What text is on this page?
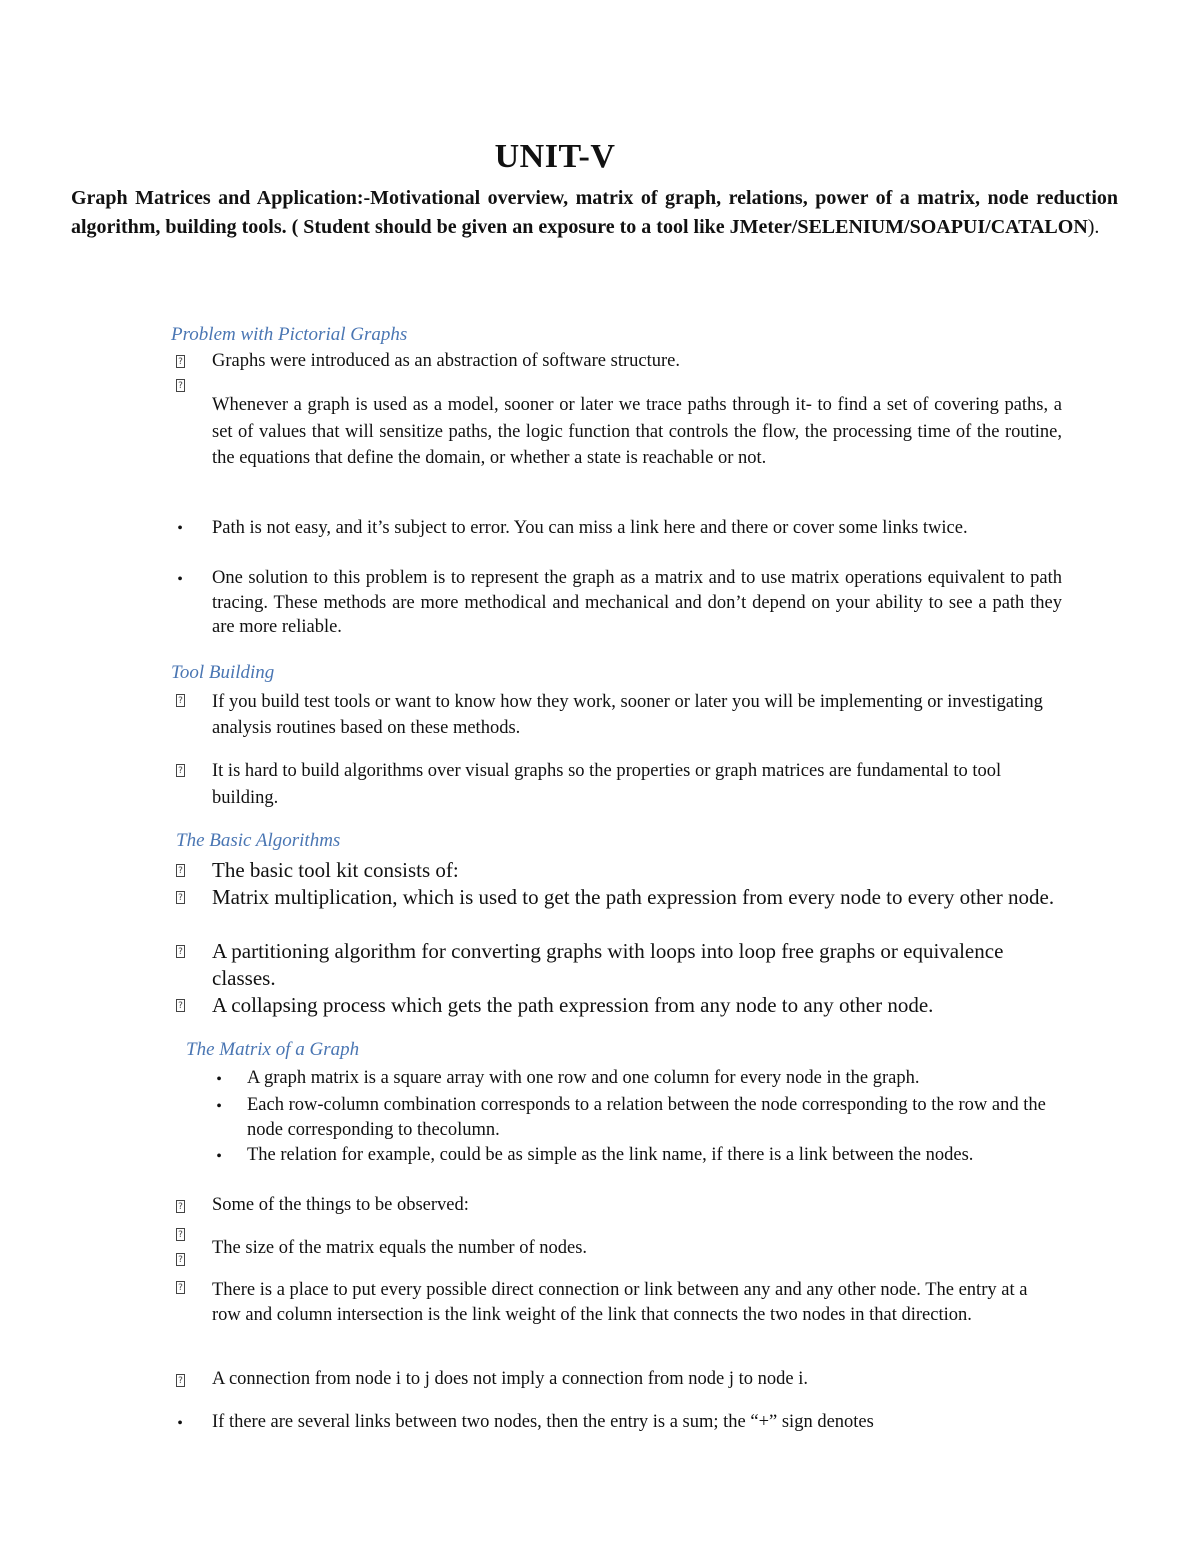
UNIT-V
Graph Matrices and Application:-Motivational overview, matrix of graph, relations, power of a matrix, node reduction algorithm, building tools. ( Student should be given an exposure to a tool like JMeter/SELENIUM/SOAPUI/CATALON).
Problem with Pictorial Graphs
? Graphs were introduced as an abstraction of software structure.
?
Whenever a graph is used as a model, sooner or later we trace paths through it- to find a set of covering paths, a set of values that will sensitize paths, the logic function that controls the flow, the processing time of the routine, the equations that define the domain, or whether a state is reachable or not.
• Path is not easy, and it’s subject to error. You can miss a link here and there or cover some links twice.
• One solution to this problem is to represent the graph as a matrix and to use matrix operations equivalent to path tracing. These methods are more methodical and mechanical and don’t depend on your ability to see a path they are more reliable.
Tool Building
? If you build test tools or want to know how they work, sooner or later you will be implementing or investigating analysis routines based on these methods.
? It is hard to build algorithms over visual graphs so the properties or graph matrices are fundamental to tool building.
The Basic Algorithms
? The basic tool kit consists of:
? Matrix multiplication, which is used to get the path expression from every node to every other node.
? A partitioning algorithm for converting graphs with loops into loop free graphs or equivalence classes.
? A collapsing process which gets the path expression from any node to any other node.
The Matrix of a Graph
• A graph matrix is a square array with one row and one column for every node in the graph.
• Each row-column combination corresponds to a relation between the node corresponding to the row and the node corresponding to thecolumn.
• The relation for example, could be as simple as the link name, if there is a link between the nodes.
? Some of the things to be observed:
?
?
The size of the matrix equals the number of nodes.
? There is a place to put every possible direct connection or link between any and any other node. The entry at a row and column intersection is the link weight of the link that connects the two nodes in that direction.
? A connection from node i to j does not imply a connection from node j to node i.
• If there are several links between two nodes, then the entry is a sum; the “+” sign denotes
